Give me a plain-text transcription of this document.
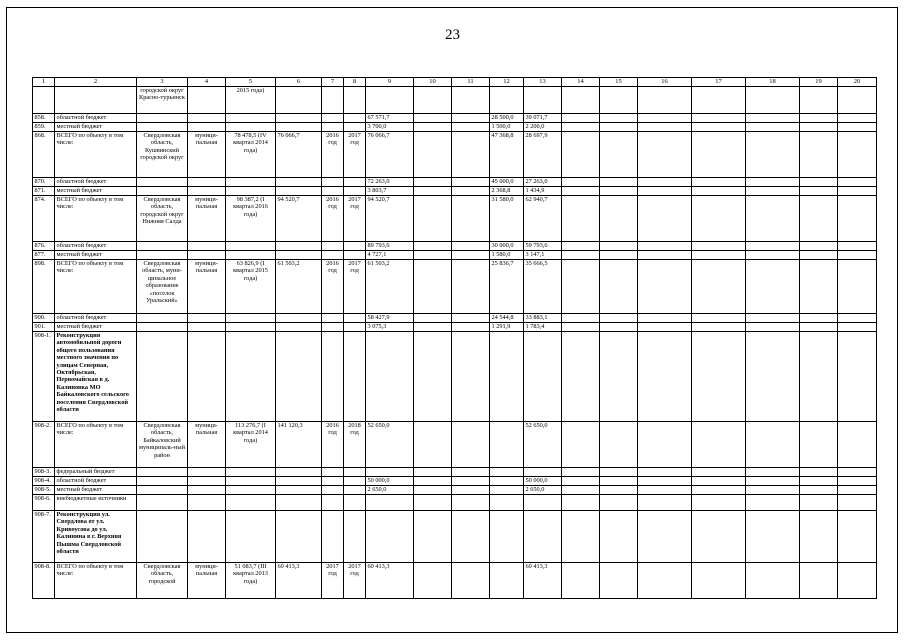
23
1	2	3	4	5	6	7	8	9	10	11	12	13	14	15	16	17	18	19	20
		городской округ Красно-турьинск		2015 года)															
858.	областной бюджет							67 571,7			28 500,0	39 071,7							
859.	местный бюджет							3 700,0			1 500,0	2 200,0							
868.	ВСЕГО по объекту в том числе:	Свердловская область, Кушвинский городской округ	муници-пальная	78 478,5 (IV квартал 2014 года)	76 066,7	2016 год	2017 год	76 066,7			47 368,8	28 697,9							
870.	областной бюджет							72 263,0			45 000,0	27 263,0							
871.	местный бюджет							3 803,7			2 368,8	1 434,9							
874.	ВСЕГО по объекту в том числе:	Свердловская область, городской округ Нижняя Салда	муници-пальная	98 387,2 (I квартал 2016 года)	94 520,7	2016 год	2017 год	94 520,7			31 580,0	62 940,7							
876.	областной бюджет							89 793,6			30 000,0	59 793,6							
877.	местный бюджет							4 727,1			1 580,0	3 147,1							
898.	ВСЕГО по объекту в том числе:	Свердловская область, муни-ципальное образование «поселок Уральский»	муници-пальная	63 826,9 (I квартал 2015 года)	61 503,2	2016 год	2017 год	61 503,2			25 836,7	35 666,5							
900.	областной бюджет							58 427,9			24 544,8	33 883,1							
901.	местный бюджет							3 075,3			1 291,9	1 783,4							
908-1.	Реконструкция автомобильной дороги общего пользования местного значения по улицам Северная, Октябрьская, Первомайская в д. Калиновка МО Байкаловского сельского поселения Свердловской области																		
908-2.	ВСЕГО по объекту в том числе:	Свердловская область, Байкаловский муниципаль-ный район	муници-пальная	113 276,7 (I квартал 2014 года)	141 120,3	2016 год	2018 год	52 650,0				52 650,0							
908-3.	федеральный бюджет																		
908-4.	областной бюджет							50 000,0				50 000,0							
908-5.	местный бюджет							2 650,0				2 650,0							
908-6.	внебюджетные источники																		
908-7.	Реконструкция ул. Свердлова от ул. Кривоусова до ул. Калинина в г. Верхняя Пышма Свердловской области																		
908-8.	ВСЕГО по объекту в том числе:	Свердловская область, городской	муници-пальная	51 083,7 (III квартал 2013 года)	60 413,3	2017 год	2017 год	60 413,3				60 413,3							
